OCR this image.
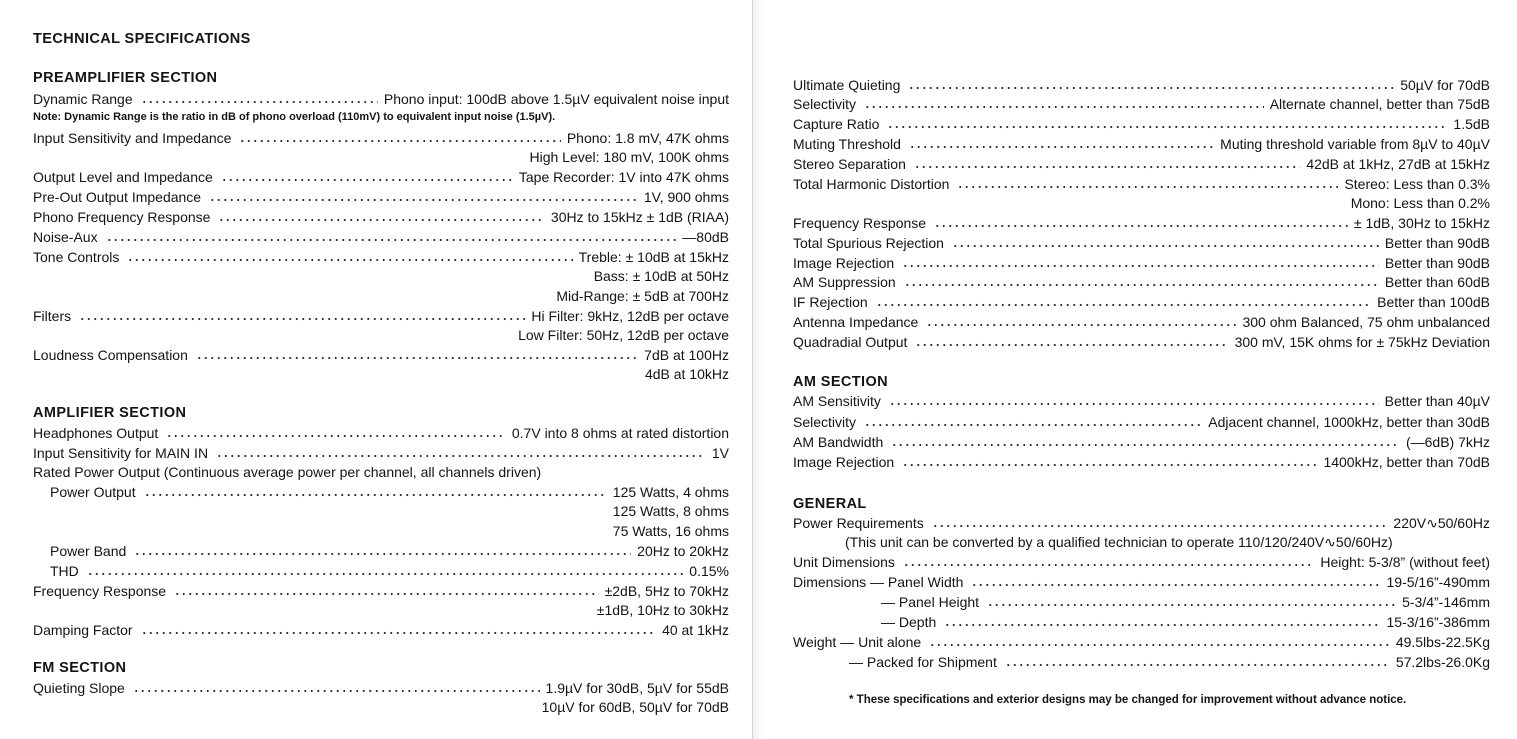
TECHNICAL SPECIFICATIONS
PREAMPLIFIER SECTION
Dynamic Range	Phono input: 100dB above 1.5µV equivalent noise input
Note: Dynamic Range is the ratio in dB of phono overload (110mV) to equivalent input noise (1.5µV).
Input Sensitivity and Impedance	Phono: 1.8 mV, 47K ohms
High Level: 180 mV, 100K ohms
Output Level and Impedance	Tape Recorder: 1V into 47K ohms
Pre-Out Output Impedance	1V, 900 ohms
Phono Frequency Response	30Hz to 15kHz ± 1dB (RIAA)
Noise-Aux	—80dB
Tone Controls	Treble: ± 10dB at 15kHz
Bass: ± 10dB at 50Hz
Mid-Range: ± 5dB at 700Hz
Filters	Hi Filter: 9kHz, 12dB per octave
Low Filter: 50Hz, 12dB per octave
Loudness Compensation	7dB at 100Hz
4dB at 10kHz
AMPLIFIER SECTION
Headphones Output	0.7V into 8 ohms at rated distortion
Input Sensitivity for MAIN IN	1V
Rated Power Output (Continuous average power per channel, all channels driven)
Power Output	125 Watts, 4 ohms
125 Watts, 8 ohms
75 Watts, 16 ohms
Power Band	20Hz to 20kHz
THD	0.15%
Frequency Response	±2dB, 5Hz to 70kHz
±1dB, 10Hz to 30kHz
Damping Factor	40 at 1kHz
FM SECTION
Quieting Slope	1.9µV for 30dB, 5µV for 55dB
10µV for 60dB, 50µV for 70dB
Ultimate Quieting	50µV for 70dB
Selectivity	Alternate channel, better than 75dB
Capture Ratio	1.5dB
Muting Threshold	Muting threshold variable from 8µV to 40µV
Stereo Separation	42dB at 1kHz, 27dB at 15kHz
Total Harmonic Distortion	Stereo: Less than 0.3%
Mono: Less than 0.2%
Frequency Response	± 1dB, 30Hz to 15kHz
Total Spurious Rejection	Better than 90dB
Image Rejection	Better than 90dB
AM Suppression	Better than 60dB
IF Rejection	Better than 100dB
Antenna Impedance	300 ohm Balanced, 75 ohm unbalanced
Quadradial Output	300 mV, 15K ohms for ± 75kHz Deviation
AM SECTION
AM Sensitivity	Better than 40µV
Selectivity	Adjacent channel, 1000kHz, better than 30dB
AM Bandwidth	(—6dB) 7kHz
Image Rejection	1400kHz, better than 70dB
GENERAL
Power Requirements	220V∿50/60Hz
(This unit can be converted by a qualified technician to operate 110/120/240V∿50/60Hz)
Unit Dimensions	Height: 5-3/8” (without feet)
Dimensions — Panel Width	19-5/16”-490mm
— Panel Height	5-3/4”-146mm
— Depth	15-3/16”-386mm
Weight — Unit alone	49.5lbs-22.5Kg
— Packed for Shipment	57.2lbs-26.0Kg
* These specifications and exterior designs may be changed for improvement without advance notice.
